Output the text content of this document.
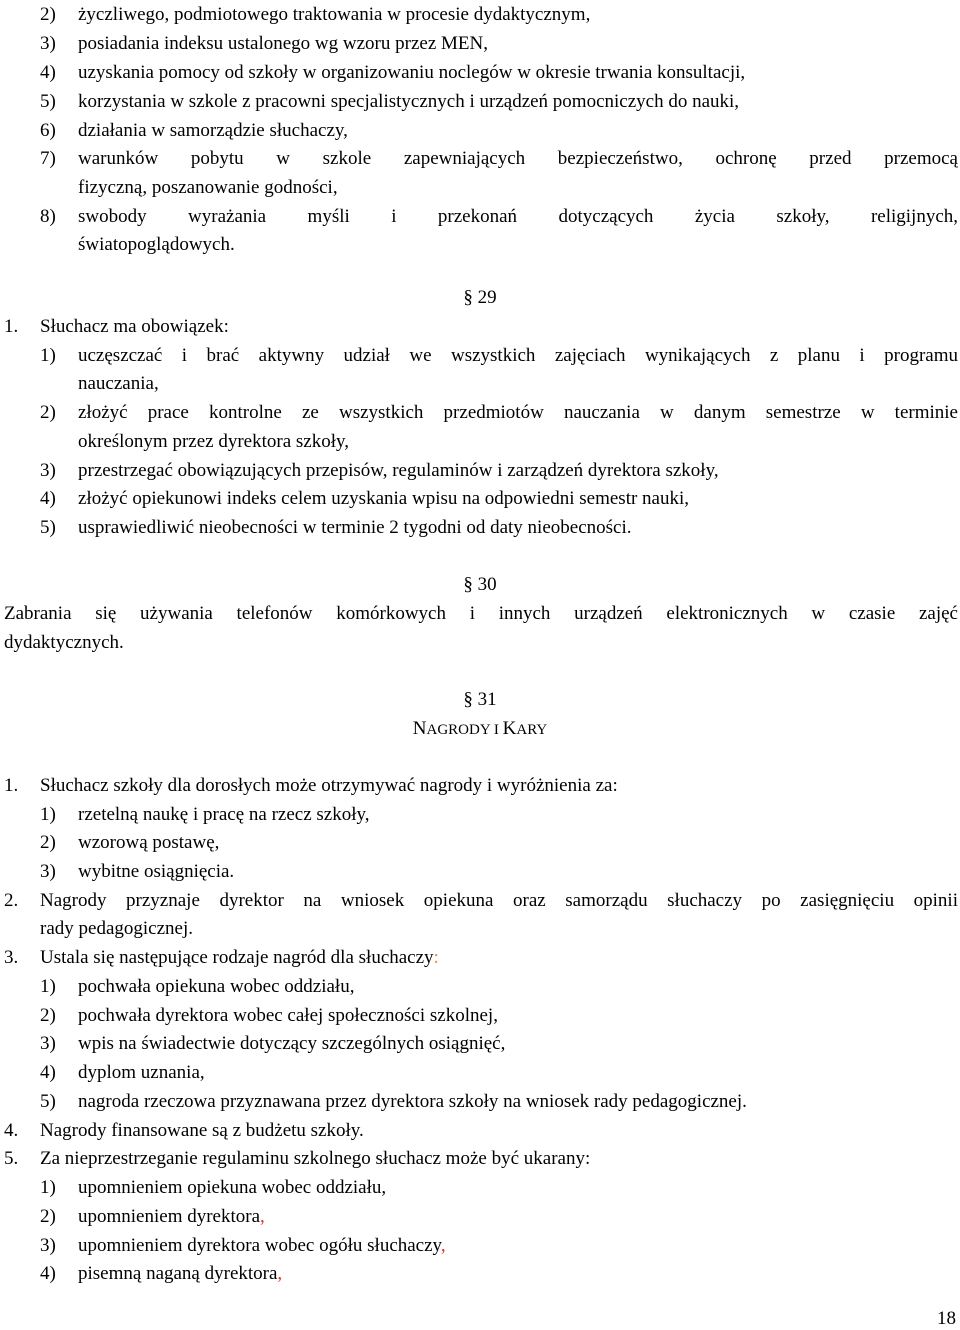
2) życzliwego, podmiotowego traktowania w procesie dydaktycznym,
3) posiadania indeksu ustalonego wg wzoru przez MEN,
4) uzyskania pomocy od szkoły w organizowaniu noclegów w okresie trwania konsultacji,
5) korzystania w szkole z pracowni specjalistycznych i urządzeń pomocniczych do nauki,
6) działania w samorządzie słuchaczy,
7) warunków pobytu w szkole zapewniających bezpieczeństwo, ochronę przed przemocą
fizyczną, poszanowanie godności,
8) swobody wyrażania myśli i przekonań dotyczących życia szkoły, religijnych,
światopoglądowych.
§ 29
1. Słuchacz ma obowiązek:
1) uczęszczać i brać aktywny udział we wszystkich zajęciach wynikających z planu i programu
nauczania,
2) złożyć prace kontrolne ze wszystkich przedmiotów nauczania w danym semestrze w terminie
określonym przez dyrektora szkoły,
3) przestrzegać obowiązujących przepisów, regulaminów i zarządzeń dyrektora szkoły,
4) złożyć opiekunowi indeks celem uzyskania wpisu na odpowiedni semestr nauki,
5) usprawiedliwić nieobecności w terminie 2 tygodni od daty nieobecności.
§ 30
Zabrania się używania telefonów komórkowych i innych urządzeń elektronicznych w czasie zajęć
dydaktycznych.
§ 31
NAGRODY I KARY
1. Słuchacz szkoły dla dorosłych może otrzymywać nagrody i wyróżnienia za:
1) rzetelną naukę i pracę na rzecz szkoły,
2) wzorową postawę,
3) wybitne osiągnięcia.
2. Nagrody przyznaje dyrektor na wniosek opiekuna oraz samorządu słuchaczy po zasięgnięciu opinii
rady pedagogicznej.
3. Ustala się następujące rodzaje nagród dla słuchaczy:
1) pochwała opiekuna wobec oddziału,
2) pochwała dyrektora wobec całej społeczności szkolnej,
3) wpis na świadectwie dotyczący szczególnych osiągnięć,
4) dyplom uznania,
5) nagroda rzeczowa przyznawana przez dyrektora szkoły na wniosek rady pedagogicznej.
4. Nagrody finansowane są z budżetu szkoły.
5. Za nieprzestrzeganie regulaminu szkolnego słuchacz może być ukarany:
1) upomnieniem opiekuna wobec oddziału,
2) upomnieniem dyrektora,
3) upomnieniem dyrektora wobec ogółu słuchaczy,
4) pisemną naganą dyrektora,
18
